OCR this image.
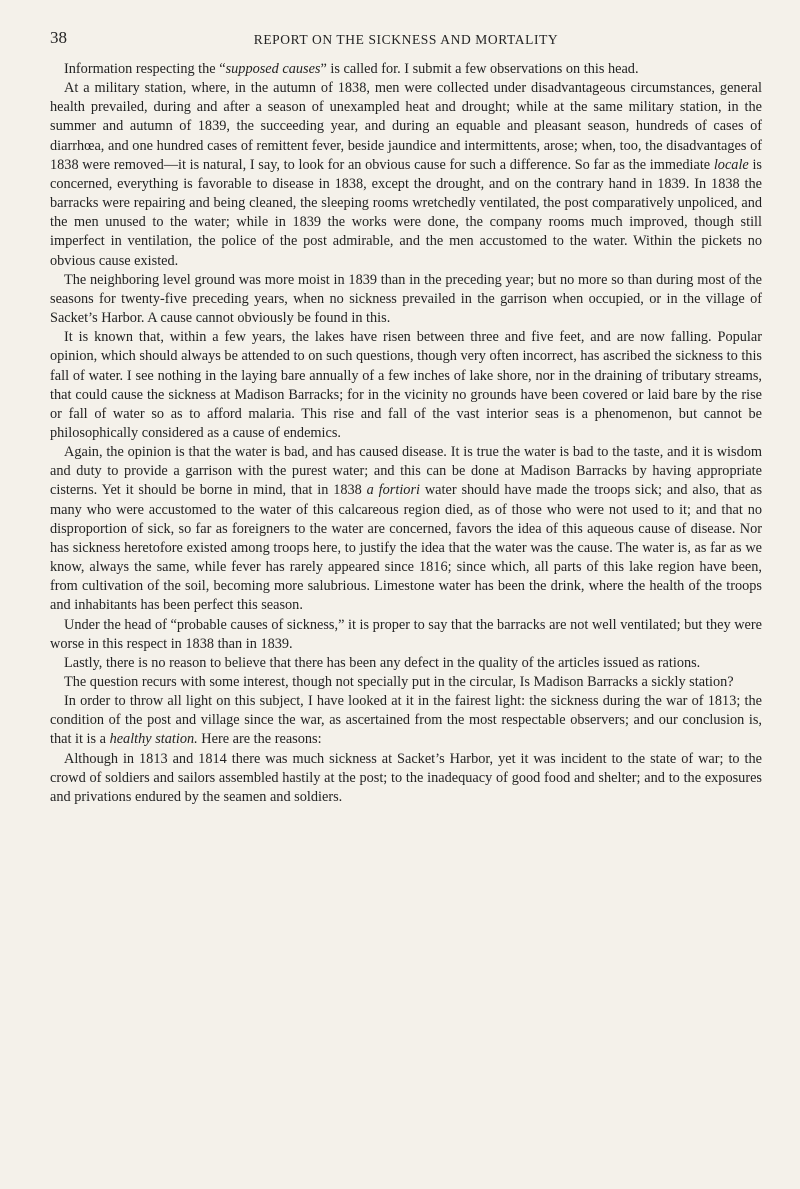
38	REPORT ON THE SICKNESS AND MORTALITY

Information respecting the “supposed causes” is called for. I submit a few observations on this head.

At a military station, where, in the autumn of 1838, men were collected under disadvantageous circumstances, general health prevailed, during and after a season of unexampled heat and drought; while at the same military station, in the summer and autumn of 1839, the succeeding year, and during an equable and pleasant season, hundreds of cases of diarrhœa, and one hundred cases of remittent fever, beside jaundice and intermittents, arose; when, too, the disadvantages of 1838 were removed—it is natural, I say, to look for an obvious cause for such a difference. So far as the immediate locale is concerned, everything is favorable to disease in 1838, except the drought, and on the contrary hand in 1839. In 1838 the barracks were repairing and being cleaned, the sleeping rooms wretchedly ventilated, the post comparatively unpoliced, and the men unused to the water; while in 1839 the works were done, the company rooms much improved, though still imperfect in ventilation, the police of the post admirable, and the men accustomed to the water. Within the pickets no obvious cause existed.

The neighboring level ground was more moist in 1839 than in the preceding year; but no more so than during most of the seasons for twenty-five preceding years, when no sickness prevailed in the garrison when occupied, or in the village of Sacket’s Harbor. A cause cannot obviously be found in this.

It is known that, within a few years, the lakes have risen between three and five feet, and are now falling. Popular opinion, which should always be attended to on such questions, though very often incorrect, has ascribed the sickness to this fall of water. I see nothing in the laying bare annually of a few inches of lake shore, nor in the draining of tributary streams, that could cause the sickness at Madison Barracks; for in the vicinity no grounds have been covered or laid bare by the rise or fall of water so as to afford malaria. This rise and fall of the vast interior seas is a phenomenon, but cannot be philosophically considered as a cause of endemics.

Again, the opinion is that the water is bad, and has caused disease. It is true the water is bad to the taste, and it is wisdom and duty to provide a garrison with the purest water; and this can be done at Madison Barracks by having appropriate cisterns. Yet it should be borne in mind, that in 1838 a fortiori water should have made the troops sick; and also, that as many who were accustomed to the water of this calcareous region died, as of those who were not used to it; and that no disproportion of sick, so far as foreigners to the water are concerned, favors the idea of this aqueous cause of disease. Nor has sickness heretofore existed among troops here, to justify the idea that the water was the cause. The water is, as far as we know, always the same, while fever has rarely appeared since 1816; since which, all parts of this lake region have been, from cultivation of the soil, becoming more salubrious. Limestone water has been the drink, where the health of the troops and inhabitants has been perfect this season.

Under the head of “probable causes of sickness,” it is proper to say that the barracks are not well ventilated; but they were worse in this respect in 1838 than in 1839.

Lastly, there is no reason to believe that there has been any defect in the quality of the articles issued as rations.

The question recurs with some interest, though not specially put in the circular, Is Madison Barracks a sickly station?

In order to throw all light on this subject, I have looked at it in the fairest light: the sickness during the war of 1813; the condition of the post and village since the war, as ascertained from the most respectable observers; and our conclusion is, that it is a healthy station. Here are the reasons:

Although in 1813 and 1814 there was much sickness at Sacket’s Harbor, yet it was incident to the state of war; to the crowd of soldiers and sailors assembled hastily at the post; to the inadequacy of good food and shelter; and to the exposures and privations endured by the seamen and soldiers.
